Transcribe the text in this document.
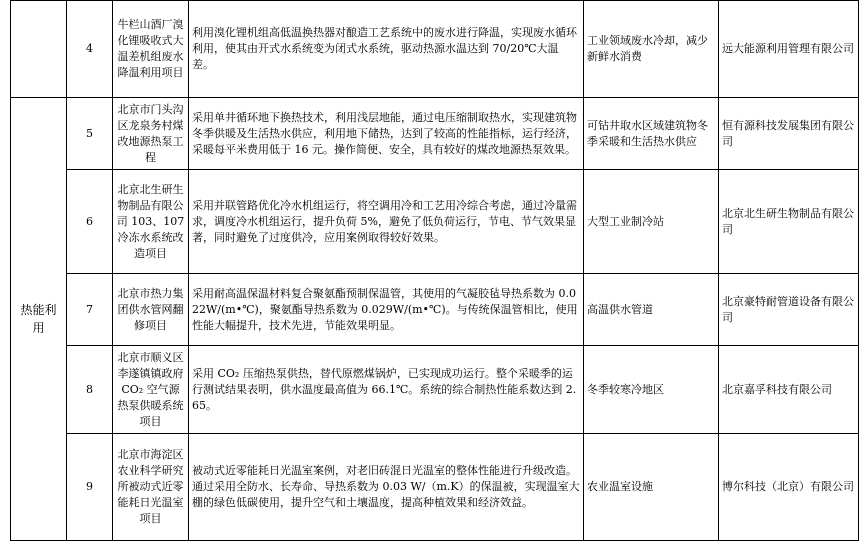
	4	牛栏山酒厂溴化锂吸收式大温差机组废水降温利用项目	利用溴化锂机组高低温换热器对酿造工艺系统中的废水进行降温，实现废水循环利用，使其由开式水系统变为闭式水系统，驱动热源水温达到 70/20℃大温差。	工业领域废水冷却，减少新鲜水消费	远大能源利用管理有限公司
热能利用	5	北京市门头沟区龙泉务村煤改地源热泵工程	采用单井循环地下换热技术，利用浅层地能，通过电压缩制取热水，实现建筑物冬季供暖及生活热水供应，利用地下储热，达到了较高的性能指标，运行经济，采暖每平米费用低于 16 元。操作简便、安全，具有较好的煤改地源热泵效果。	可钻井取水区域建筑物冬季采暖和生活热水供应	恒有源科技发展集团有限公司
	6	北京北生研生物制品有限公司 103、107 冷冻水系统改造项目	采用并联管路优化冷水机组运行，将空调用冷和工艺用冷综合考虑，通过冷量需求，调度冷水机组运行，提升负荷 5%，避免了低负荷运行，节电、节气效果显著，同时避免了过度供冷，应用案例取得较好效果。	大型工业制冷站	北京北生研生物制品有限公司
	7	北京市热力集团供水管网翻修项目	采用耐高温保温材料复合聚氨酯预制保温管，其使用的气凝胶毡导热系数为 0.022W/(m•℃)，聚氨酯导热系数为 0.029W/(m•℃)。与传统保温管相比，使用性能大幅提升，技术先进，节能效果明显。	高温供水管道	北京豪特耐管道设备有限公司
	8	北京市顺义区李遂镇镇政府 CO₂ 空气源热泵供暖系统项目	采用 CO₂ 压缩热泵供热，替代原燃煤锅炉，已实现成功运行。整个采暖季的运行测试结果表明，供水温度最高值为 66.1℃。系统的综合制热性能系数达到 2.65。	冬季较寒冷地区	北京嘉孚科技有限公司
	9	北京市海淀区农业科学研究所被动式近零能耗日光温室项目	被动式近零能耗日光温室案例，对老旧砖混日光温室的整体性能进行升级改造。通过采用全防水、长寿命、导热系数为 0.03 W/（m.K）的保温被，实现温室大棚的绿色低碳使用，提升空气和土壤温度，提高种植效果和经济效益。	农业温室设施	博尔科技（北京）有限公司
